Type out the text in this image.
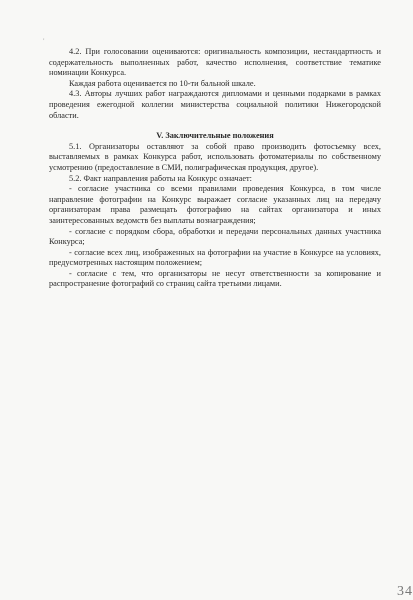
,

4.2. При голосовании оцениваются: оригинальность композиции, нестандартность и содержательность выполненных работ, качество исполнения, соответствие тематике номинации Конкурса.

Каждая работа оценивается по 10-ти бальной шкале.

4.3. Авторы лучших работ награждаются дипломами и ценными подарками в рамках проведения ежегодной коллегии министерства социальной политики Нижегородской области.

V. Заключительные положения

5.1. Организаторы оставляют за собой право производить фотосъемку всех, выставляемых в рамках Конкурса работ, использовать фотоматериалы по собственному усмотрению (предоставление в СМИ, полиграфическая продукция, другое).

5.2. Факт направления работы на Конкурс означает:

- согласие участника со всеми правилами проведения Конкурса, в том числе направление фотографии на Конкурс выражает согласие указанных лиц на передачу организаторам права размещать фотографию на сайтах организатора и иных заинтересованных ведомств без выплаты вознаграждения;

- согласие с порядком сбора, обработки и передачи персональных данных участника Конкурса;

- согласие всех лиц, изображенных на фотографии на участие в Конкурсе на условиях, предусмотренных настоящим положением;

- согласие с тем, что организаторы не несут ответственности за копирование и распространение фотографий со страниц сайта третьими лицами.

34
